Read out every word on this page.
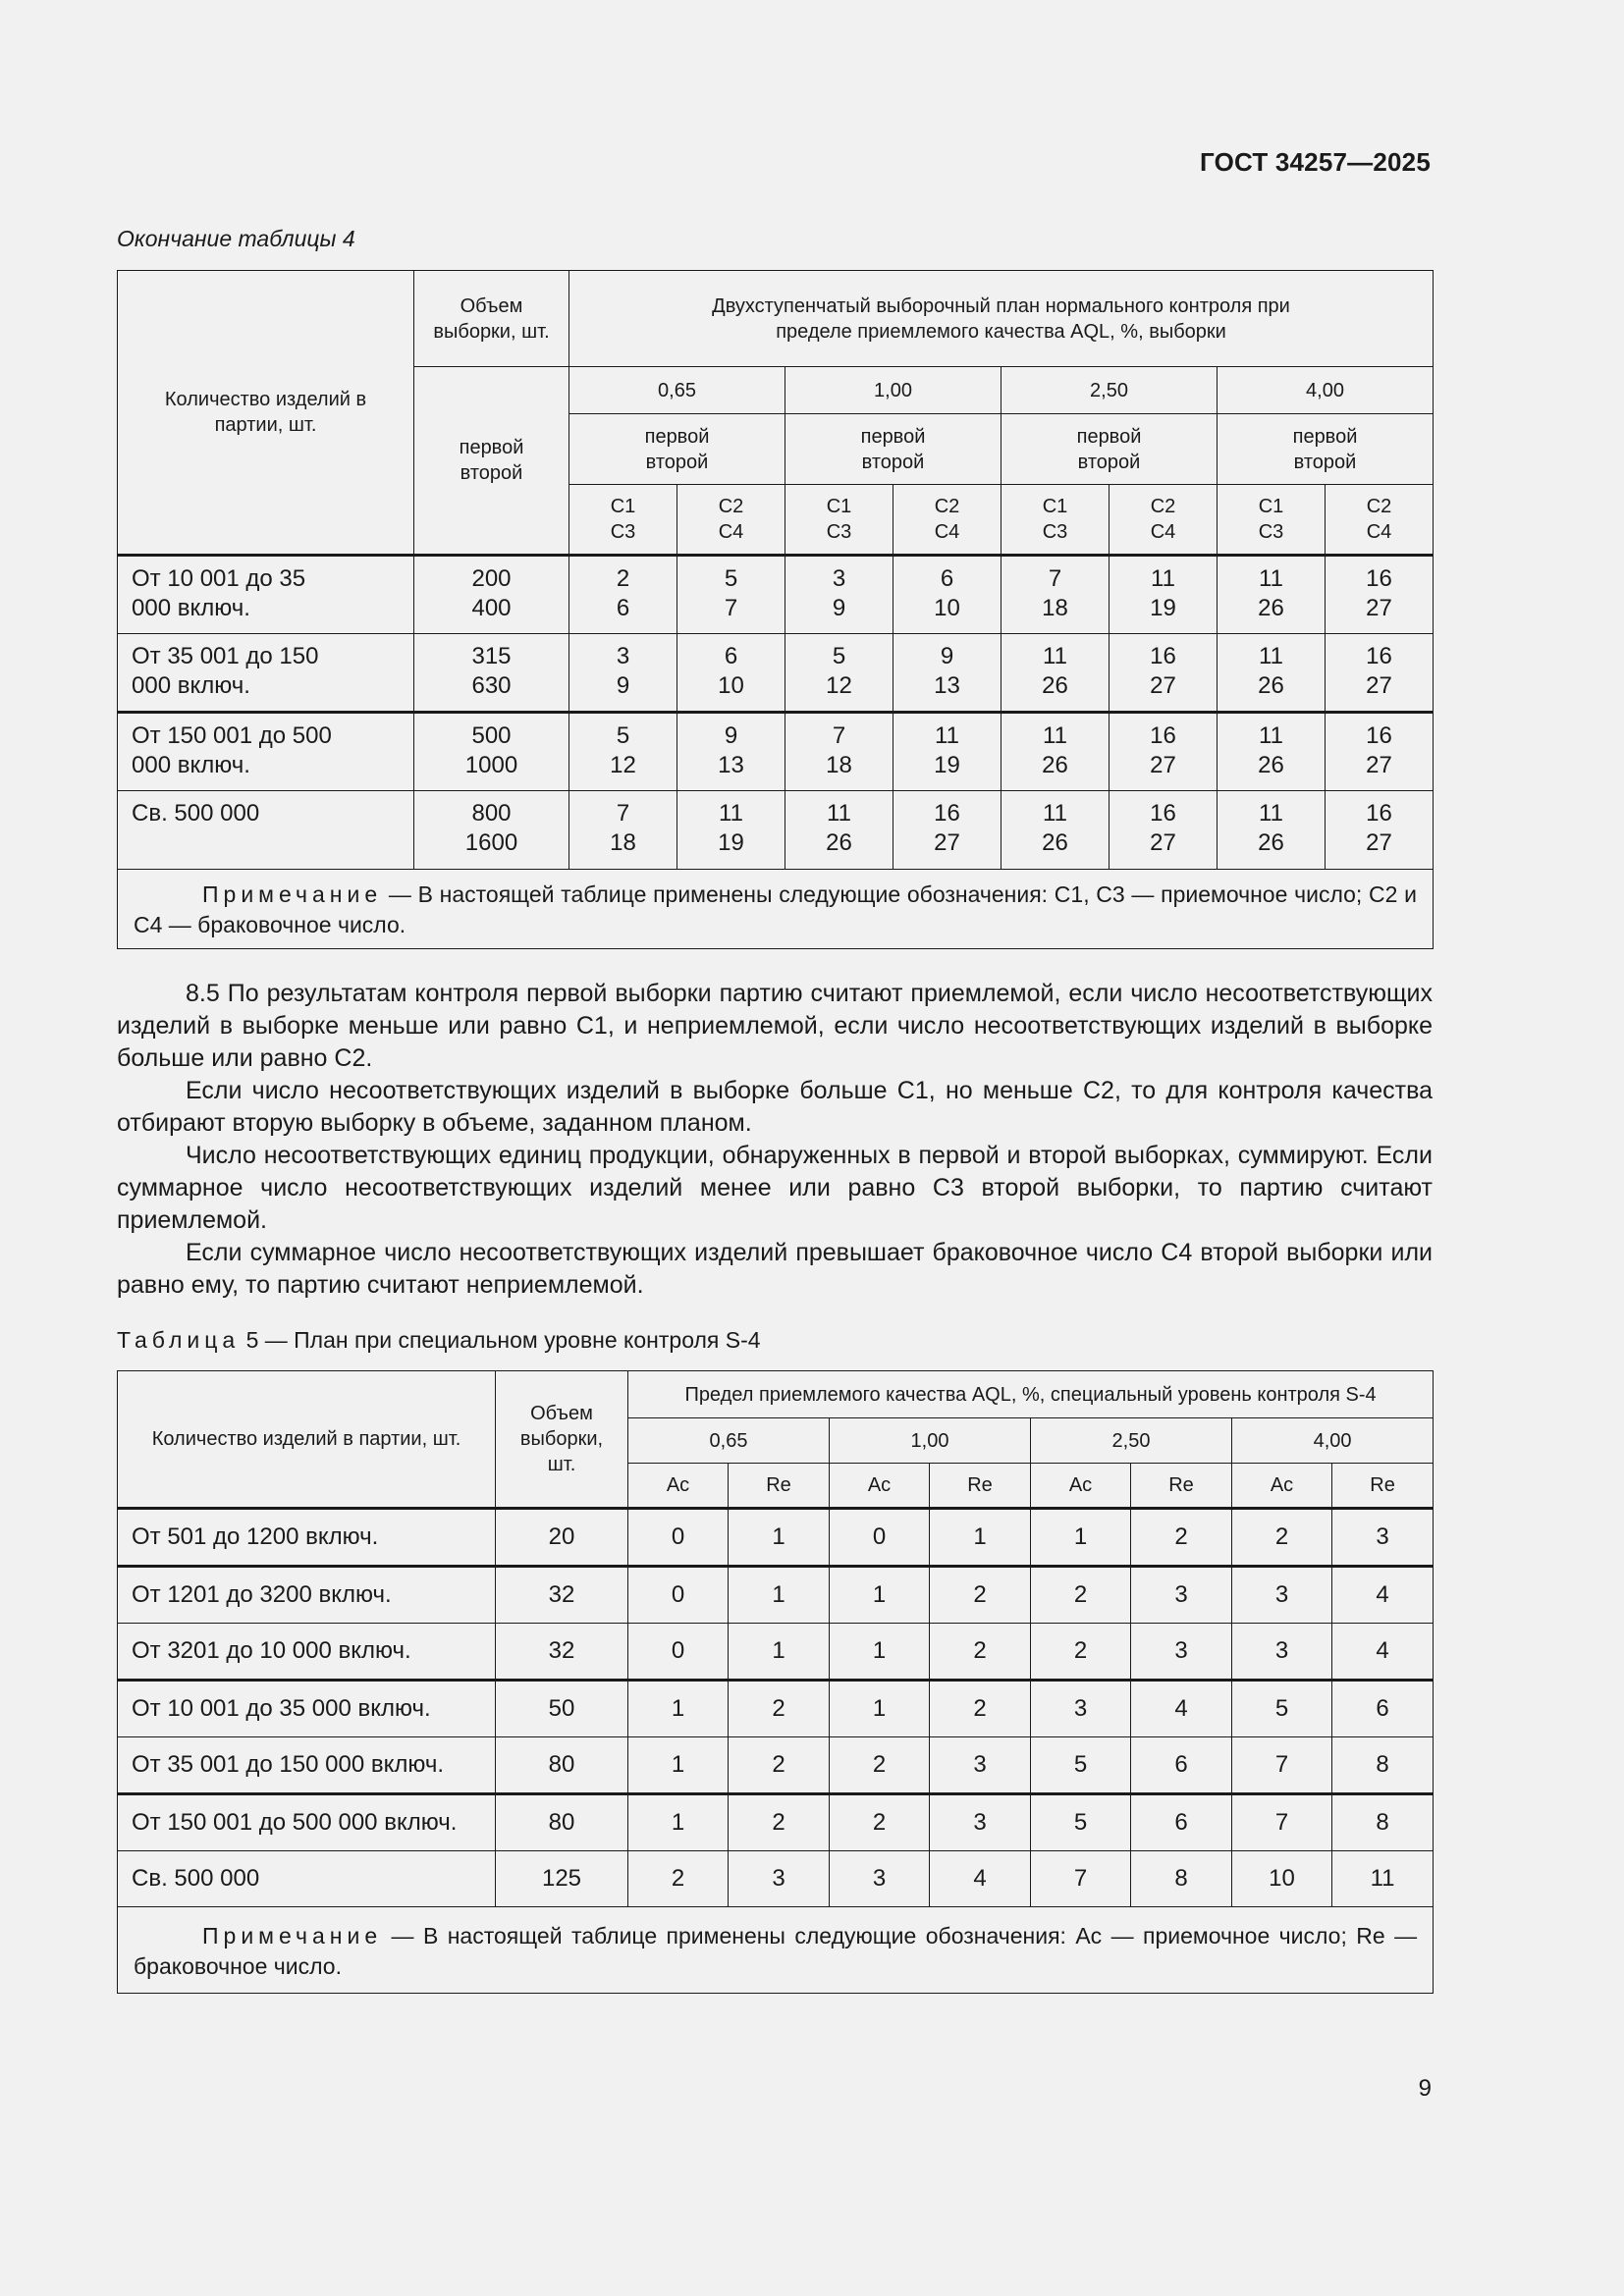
ГОСТ 34257—2025
Окончание таблицы 4
Количество изделий в партии, шт.	Объем выборки, шт.	Двухступенчатый выборочный план нормального контроля при пределе приемлемого качества AQL, %, выборки							
	первой второй	0,65		1,00		2,50		4,00	
		первой второй		первой второй		первой второй		первой второй	
		C1 C3	C2 C4	C1 C3	C2 C4	C1 C3	C2 C4	C1 C3	C2 C4
От 10 001 до 35 000 включ.	200 400	2 6	5 7	3 9	6 10	7 18	11 19	11 26	16 27
От 35 001 до 150 000 включ.	315 630	3 9	6 10	5 12	9 13	11 26	16 27	11 26	16 27
От 150 001 до 500 000 включ.	500 1000	5 12	9 13	7 18	11 19	11 26	16 27	11 26	16 27
Св. 500 000	800 1600	7 18	11 19	11 26	16 27	11 26	16 27	11 26	16 27
Примечание — В настоящей таблице применены следующие обозначения: C1, C3 — приемочное число; C2 и C4 — браковочное число.									

8.5 По результатам контроля первой выборки партию считают приемлемой, если число несоответствующих изделий в выборке меньше или равно C1, и неприемлемой, если число несоответствующих изделий в выборке больше или равно C2.

Если число несоответствующих изделий в выборке больше C1, но меньше C2, то для контроля качества отбирают вторую выборку в объеме, заданном планом.

Число несоответствующих единиц продукции, обнаруженных в первой и второй выборках, суммируют. Если суммарное число несоответствующих изделий менее или равно C3 второй выборки, то партию считают приемлемой.

Если суммарное число несоответствующих изделий превышает браковочное число C4 второй выборки или равно ему, то партию считают неприемлемой.

Таблица 5 — План при специальном уровне контроля S-4
Количество изделий в партии, шт.	Объем выборки, шт.	Предел приемлемого качества AQL, %, специальный уровень контроля S-4							
		0,65		1,00		2,50		4,00	
		Ac	Re	Ac	Re	Ac	Re	Ac	Re
От 501 до 1200 включ.	20	0	1	0	1	1	2	2	3
От 1201 до 3200 включ.	32	0	1	1	2	2	3	3	4
От 3201 до 10 000 включ.	32	0	1	1	2	2	3	3	4
От 10 001 до 35 000 включ.	50	1	2	1	2	3	4	5	6
От 35 001 до 150 000 включ.	80	1	2	2	3	5	6	7	8
От 150 001 до 500 000 включ.	80	1	2	2	3	5	6	7	8
Св. 500 000	125	2	3	3	4	7	8	10	11
Примечание — В настоящей таблице применены следующие обозначения: Ac — приемочное число; Re — браковочное число.									
9
